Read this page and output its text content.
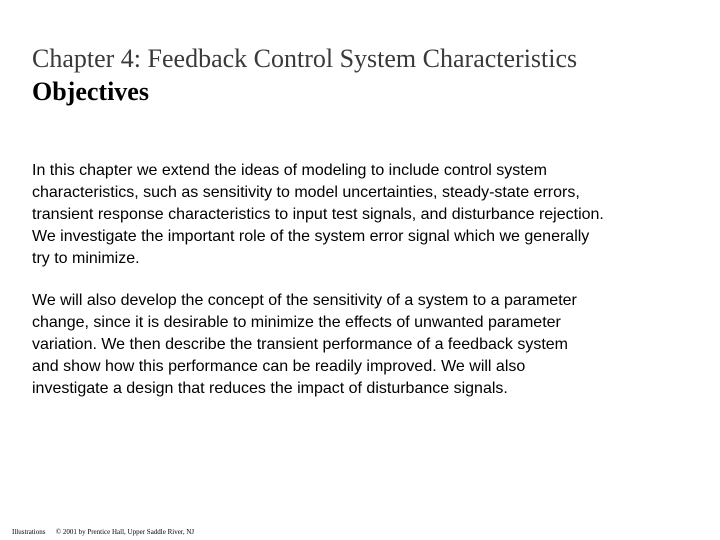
Chapter 4: Feedback Control System Characteristics
Objectives
In this chapter we extend the ideas of modeling to include control system
characteristics, such as sensitivity to model uncertainties, steady-state errors,
transient response characteristics to input test signals, and disturbance rejection.
We investigate the important role of the system error signal which we generally
try to minimize.
We will also develop the concept of the sensitivity of a system to a parameter
change, since it is desirable to minimize the effects of unwanted parameter
variation. We then describe the transient performance of a feedback system
and show how this performance can be readily improved. We will also
investigate a design that reduces the impact of disturbance signals.
Illustrations © 2001 by Prentice Hall, Upper Saddle River, NJ
